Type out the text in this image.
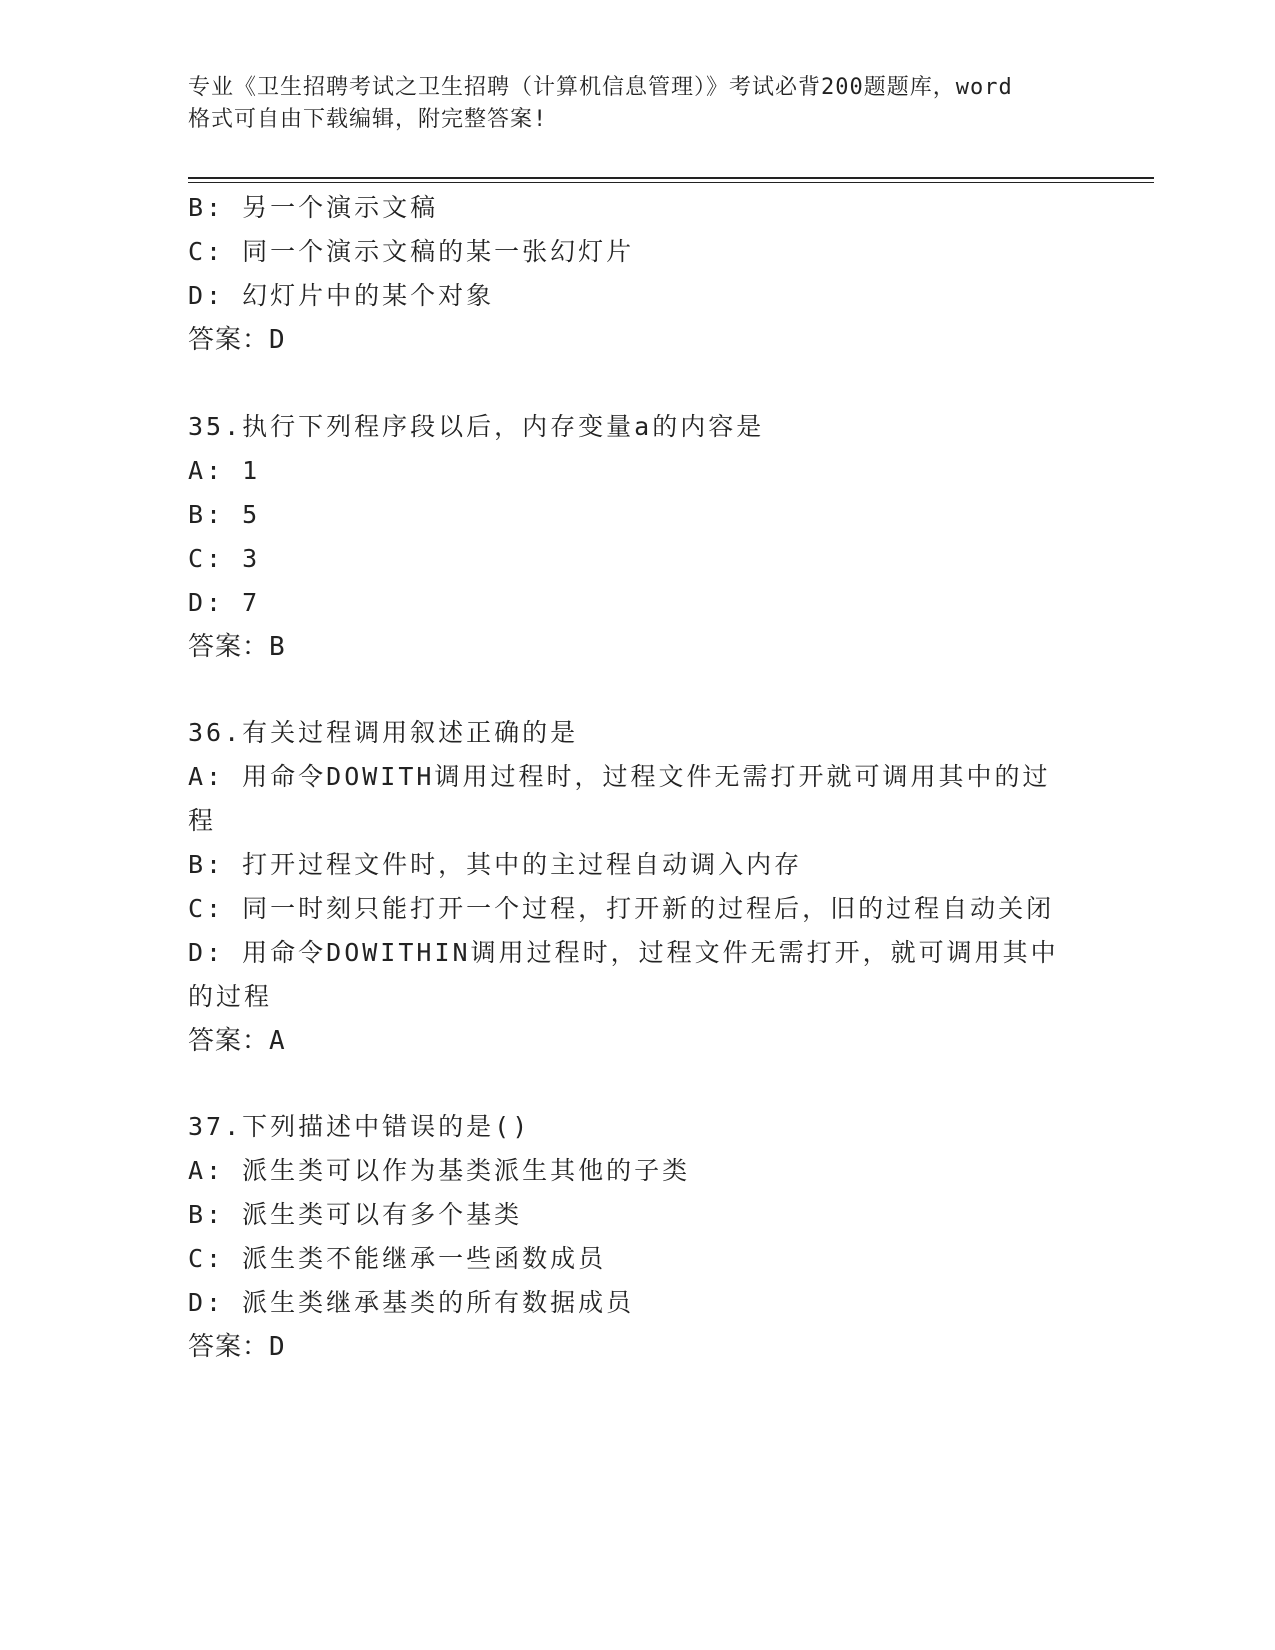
专业《卫生招聘考试之卫生招聘（计算机信息管理）》考试必背200题题库，word
格式可自由下载编辑，附完整答案!
B: 另一个演示文稿
C: 同一个演示文稿的某一张幻灯片
D: 幻灯片中的某个对象
答案：D
35.执行下列程序段以后，内存变量a的内容是
A: 1
B: 5
C: 3
D: 7
答案：B
36.有关过程调用叙述正确的是
A: 用命令DOWITH调用过程时，过程文件无需打开就可调用其中的过
程
B: 打开过程文件时，其中的主过程自动调入内存
C: 同一时刻只能打开一个过程，打开新的过程后，旧的过程自动关闭
D: 用命令DOWITHIN调用过程时，过程文件无需打开，就可调用其中
的过程
答案：A
37.下列描述中错误的是()
A: 派生类可以作为基类派生其他的子类
B: 派生类可以有多个基类
C: 派生类不能继承一些函数成员
D: 派生类继承基类的所有数据成员
答案：D
